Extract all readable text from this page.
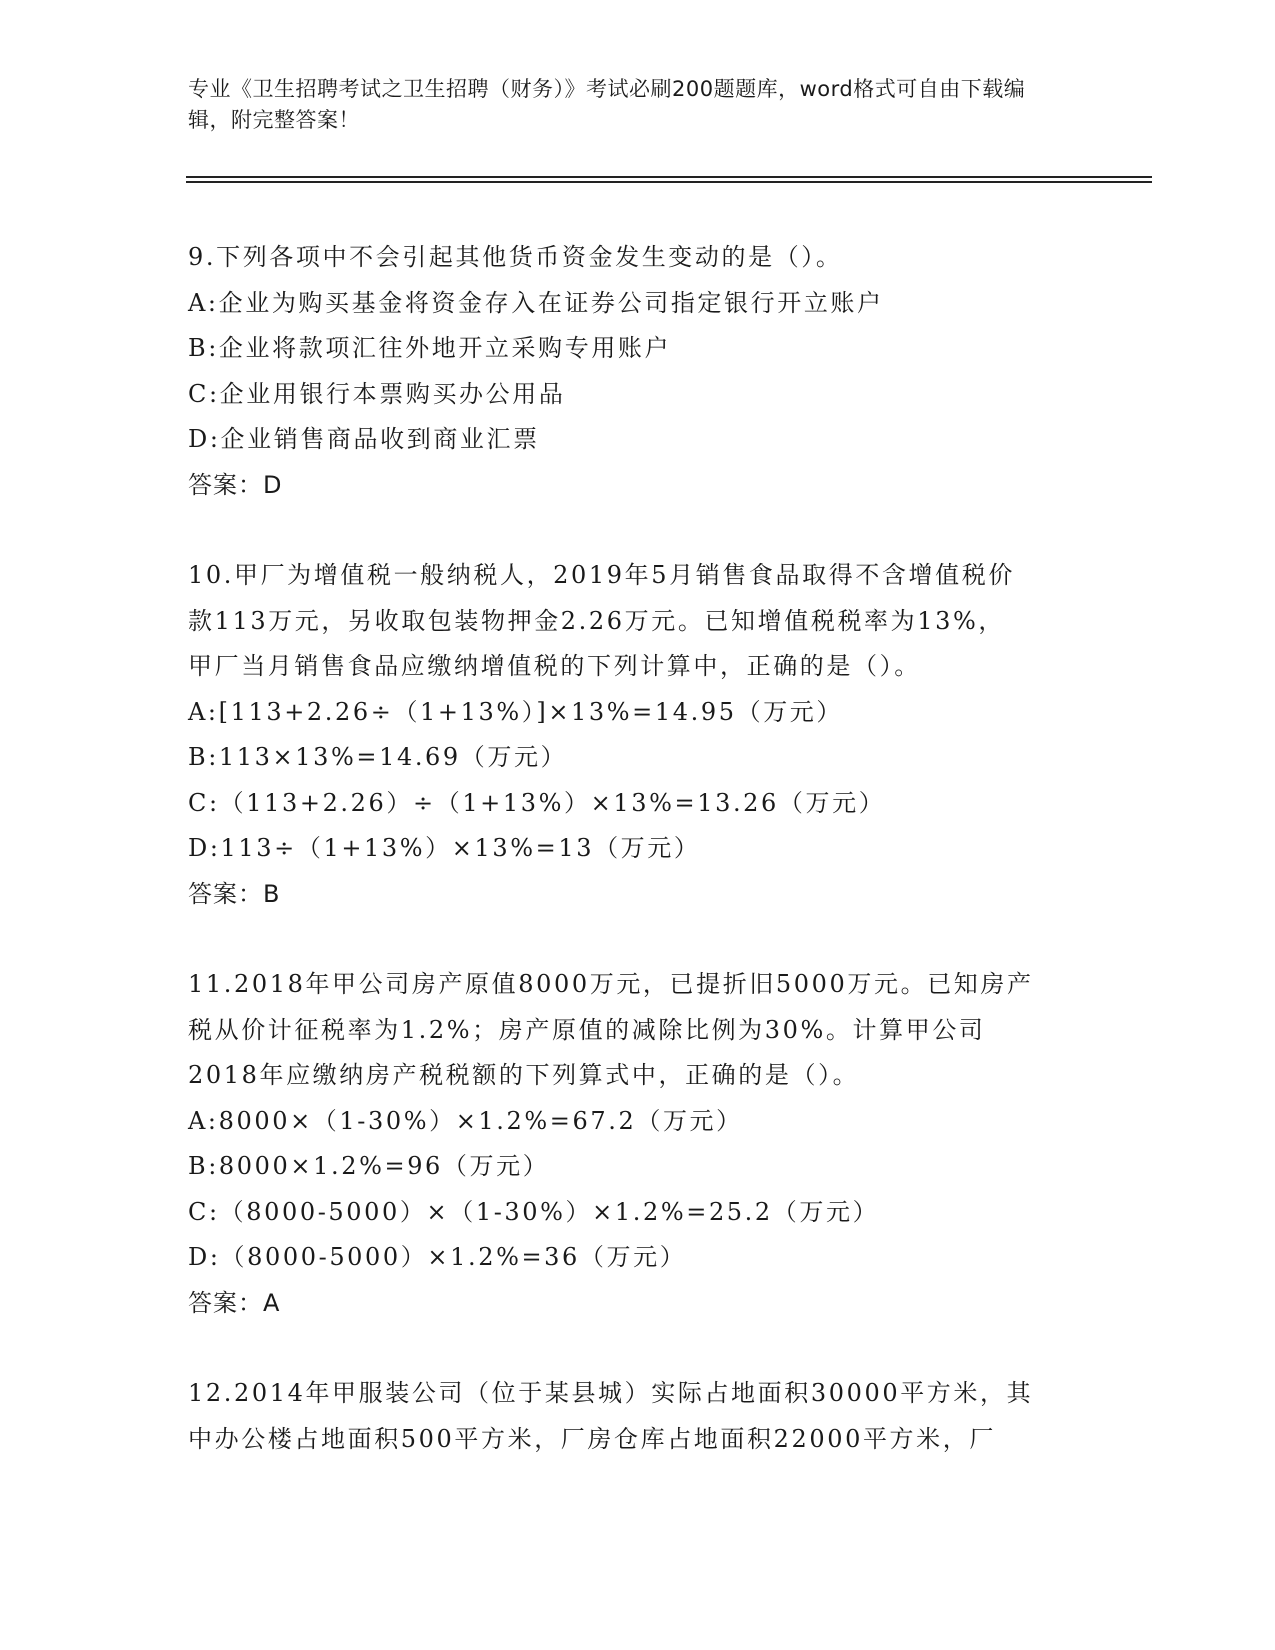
专业《卫生招聘考试之卫生招聘（财务）》考试必刷200题题库，word格式可自由下载编辑，附完整答案！
9.下列各项中不会引起其他货币资金发生变动的是（）。
A:企业为购买基金将资金存入在证券公司指定银行开立账户
B:企业将款项汇往外地开立采购专用账户
C:企业用银行本票购买办公用品
D:企业销售商品收到商业汇票
答案：D
10.甲厂为增值税一般纳税人，2019年5月销售食品取得不含增值税价
款113万元，另收取包装物押金2.26万元。已知增值税税率为13%，
甲厂当月销售食品应缴纳增值税的下列计算中，正确的是（）。
A:[113+2.26÷（1+13%）]×13%=14.95（万元）
B:113×13%=14.69（万元）
C:（113+2.26）÷（1+13%）×13%=13.26（万元）
D:113÷（1+13%）×13%=13（万元）
答案：B
11.2018年甲公司房产原值8000万元，已提折旧5000万元。已知房产
税从价计征税率为1.2%；房产原值的减除比例为30%。计算甲公司
2018年应缴纳房产税税额的下列算式中，正确的是（）。
A:8000×（1-30%）×1.2%=67.2（万元）
B:8000×1.2%=96（万元）
C:（8000-5000）×（1-30%）×1.2%=25.2（万元）
D:（8000-5000）×1.2%=36（万元）
答案：A
12.2014年甲服装公司（位于某县城）实际占地面积30000平方米，其
中办公楼占地面积500平方米，厂房仓库占地面积22000平方米，厂
